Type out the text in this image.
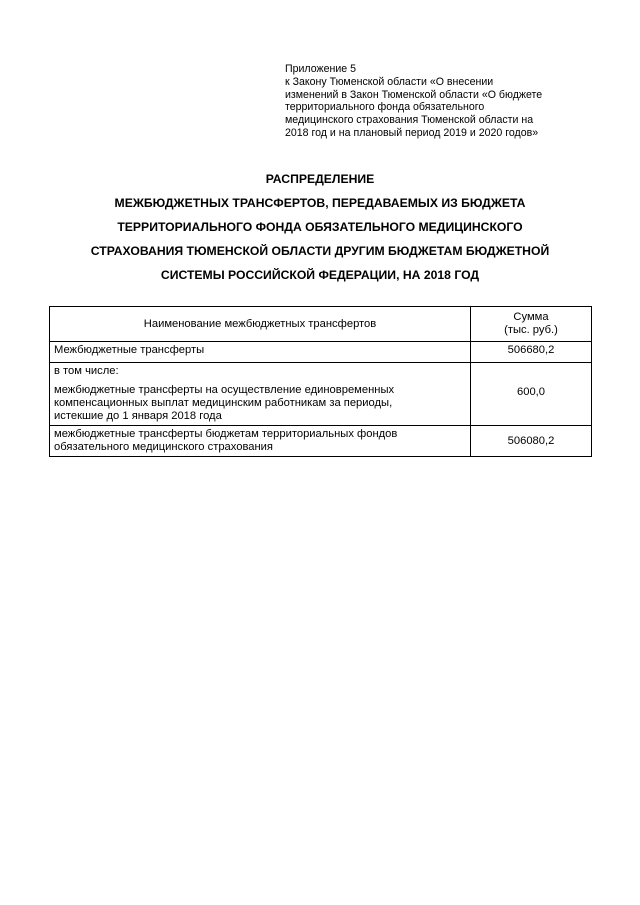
Приложение 5
к Закону Тюменской области «О внесении
изменений в Закон Тюменской области «О бюджете
территориального фонда обязательного
медицинского страхования Тюменской области на
2018 год и на плановый период 2019 и 2020 годов»
РАСПРЕДЕЛЕНИЕ
МЕЖБЮДЖЕТНЫХ ТРАНСФЕРТОВ, ПЕРЕДАВАЕМЫХ ИЗ БЮДЖЕТА
ТЕРРИТОРИАЛЬНОГО ФОНДА ОБЯЗАТЕЛЬНОГО МЕДИЦИНСКОГО
СТРАХОВАНИЯ ТЮМЕНСКОЙ ОБЛАСТИ ДРУГИМ БЮДЖЕТАМ БЮДЖЕТНОЙ
СИСТЕМЫ РОССИЙСКОЙ ФЕДЕРАЦИИ, НА 2018 ГОД
Наименование межбюджетных трансфертов	Сумма
(тыс. руб.)

Межбюджетные трансферты	506680,2

в том числе:
межбюджетные трансферты на осуществление единовременных
компенсационных выплат медицинским работникам за периоды,
истекшие до 1 января 2018 года	600,0

межбюджетные трансферты бюджетам территориальных фондов
обязательного медицинского страхования	506080,2
